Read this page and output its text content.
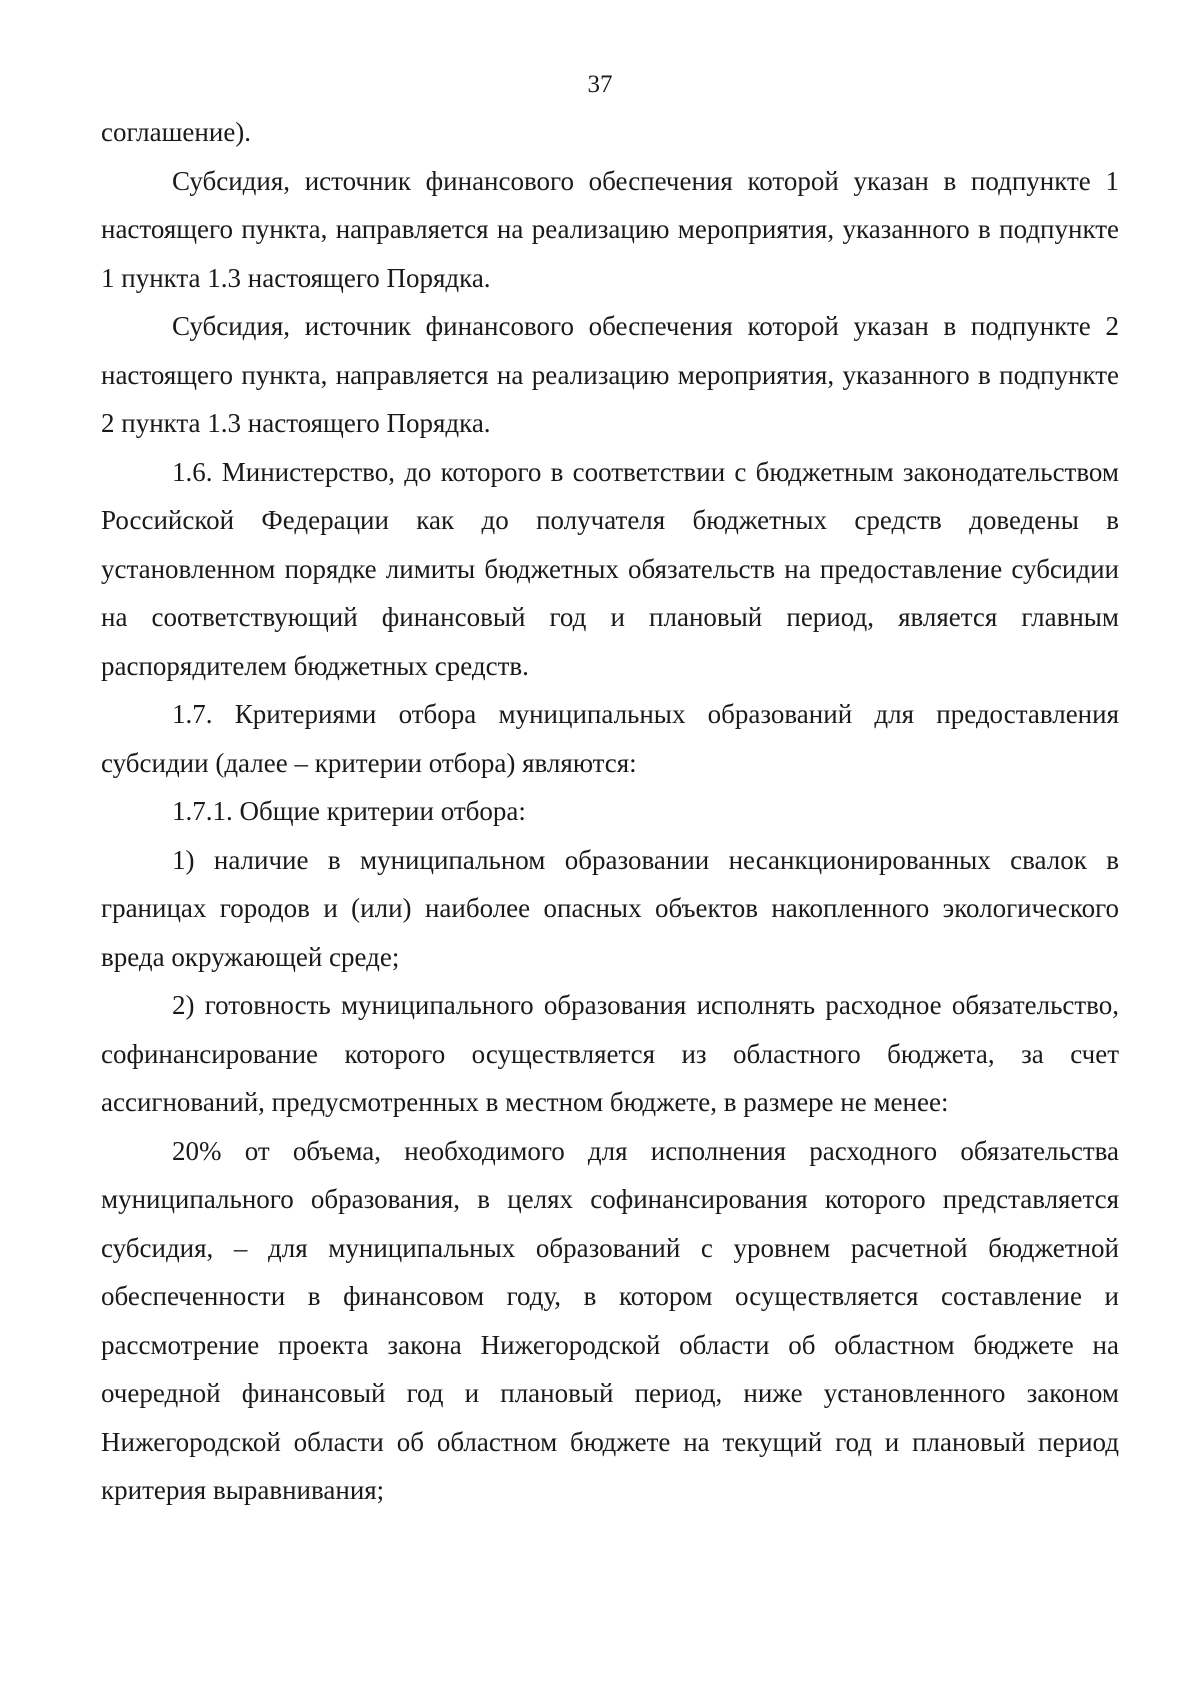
37

соглашение).

Субсидия, источник финансового обеспечения которой указан в подпункте 1 настоящего пункта, направляется на реализацию мероприятия, указанного в подпункте 1 пункта 1.3 настоящего Порядка.

Субсидия, источник финансового обеспечения которой указан в подпункте 2 настоящего пункта, направляется на реализацию мероприятия, указанного в подпункте 2 пункта 1.3 настоящего Порядка.

1.6. Министерство, до которого в соответствии с бюджетным законодательством Российской Федерации как до получателя бюджетных средств доведены в установленном порядке лимиты бюджетных обязательств на предоставление субсидии на соответствующий финансовый год и плановый период, является главным распорядителем бюджетных средств.

1.7. Критериями отбора муниципальных образований для предоставления субсидии (далее – критерии отбора) являются:

1.7.1. Общие критерии отбора:

1) наличие в муниципальном образовании несанкционированных свалок в границах городов и (или) наиболее опасных объектов накопленного экологического вреда окружающей среде;

2) готовность муниципального образования исполнять расходное обязательство, софинансирование которого осуществляется из областного бюджета, за счет ассигнований, предусмотренных в местном бюджете, в размере не менее:

20% от объема, необходимого для исполнения расходного обязательства муниципального образования, в целях софинансирования которого представляется субсидия, – для муниципальных образований с уровнем расчетной бюджетной обеспеченности в финансовом году, в котором осуществляется составление и рассмотрение проекта закона Нижегородской области об областном бюджете на очередной финансовый год и плановый период, ниже установленного законом Нижегородской области об областном бюджете на текущий год и плановый период критерия выравнивания;
